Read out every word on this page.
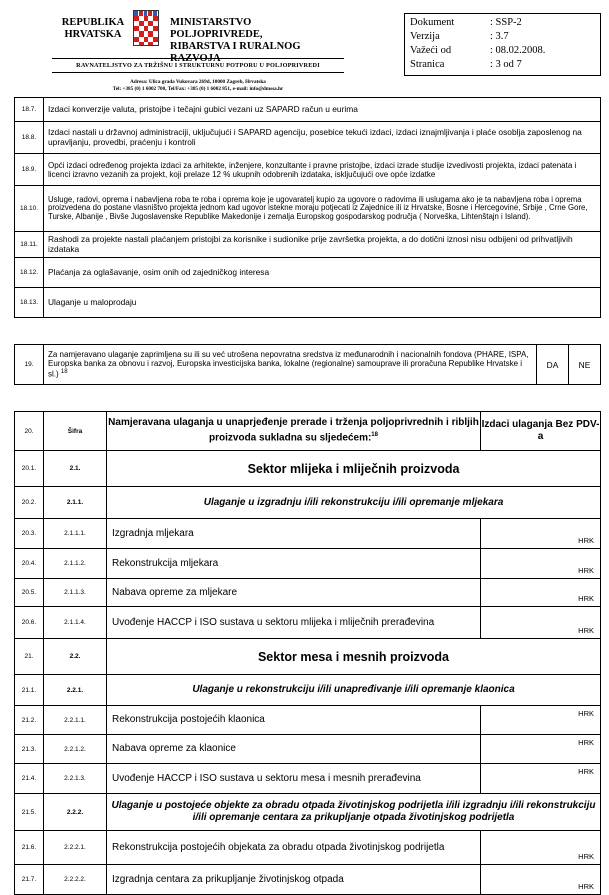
REPUBLIKA
HRVATSKA
MINISTARSTVO POLJOPRIVREDE,
RIBARSTVA I RURALNOG RAZVOJA
RAVNATELJSTVO ZA TRŽIŠNU I STRUKTURNU POTPORU U POLJOPRIVREDI
Adresa: Ulica grada Vukovara 269d, 10000 Zagreb, Hrvatska
Tel: +385 (0) 1 6002 700, Tel/Fax: +385 (0) 1 6002 851, e-mail: info@dmssa.hr
Dokument	: SSP-2
Verzija	: 3.7
Važeći od	: 08.02.2008.
Stranica	: 3 od 7
18.7.	Izdaci konverzije valuta, pristojbe i tečajni gubici vezani uz SAPARD račun u eurima
18.8.	Izdaci nastali u državnoj administraciji, uključujući i SAPARD agenciju, posebice tekući izdaci, izdaci iznajmljivanja i plaće osoblja zaposlenog na upravljanju, provedbi, praćenju i kontroli
18.9.	Opći izdaci određenog projekta izdaci za arhitekte, inženjere, konzultante i pravne pristojbe, izdaci izrade studije izvedivosti projekta, izdaci patenata i licenci izravno vezanih za projekt, koji prelaze 12 % ukupnih odobrenih izdataka, isključujući ove opće izdatke
18.10.	Usluge, radovi, oprema i nabavljena roba te roba i oprema koje je ugovaratelj kupio za ugovore o radovima ili uslugama ako je ta nabavljena roba i oprema proizvedena do postane vlasništvo projekta jednom kad ugovor istekne moraju potjecati iz Zajednice ili iz Hrvatske, Bosne i Hercegovine, Srbije , Crne Gore, Turske, Albanije , Bivše Jugoslavenske Republike Makedonije i zemalja Europskog gospodarskog područja ( Norveška, Lihtenštajn i Island).
18.11.	Rashodi za projekte nastali plaćanjem pristojbi za korisnike i sudionike prije završetka projekta, a do dotični iznosi nisu odbijeni od prihvatljivih izdataka
18.12.	Plaćanja za oglašavanje, osim onih od zajedničkog interesa
18.13.	Ulaganje u maloprodaju
19.	Za namjeravano ulaganje zaprimljena su ili su već utrošena nepovratna sredstva iz međunarodnih i nacionalnih fondova (PHARE, ISPA, Europska banka za obnovu i razvoj, Europska investicijska banka, lokalne (regionalne) samouprave ili proračuna Republike Hrvatske i sl.) $^{18}$	DA	NE
20.	Šifra	Namjeravana ulaganja u unaprjeđenje prerade i trženja poljoprivrednih i ribljih proizvoda sukladna su sljedećem:$^{18}$	Izdaci ulaganja Bez PDV-a
20.1.	2.1.	Sektor mlijeka i mliječnih proizvoda	
20.2.	2.1.1.	Ulaganje u izgradnju i/ili rekonstrukciju i/ili opremanje mljekara	
20.3.	2.1.1.1.	Izgradnja mljekara	HRK

20.4.	2.1.1.2.	Rekonstrukcija mljekara	HRK

20.5.	2.1.1.3.	Nabava opreme za mljekare	HRK

20.6.	2.1.1.4.	Uvođenje HACCP i ISO sustava u sektoru mlijeka i mliječnih prerađevina	HRK

21.	2.2.	Sektor mesa i mesnih proizvoda	
21.1.	2.2.1.	Ulaganje u rekonstrukciju i/ili unapređivanje i/ili opremanje klaonica	
21.2.	2.2.1.1.	Rekonstrukcija postojećih klaonica	HRK

21.3.	2.2.1.2.	Nabava opreme za klaonice	HRK

21.4.	2.2.1.3.	Uvođenje HACCP i ISO sustava u sektoru mesa i mesnih prerađevina	HRK

21.5.	2.2.2.	Ulaganje u postojeće objekte za obradu otpada životinjskog podrijetla i/ili izgradnju i/ili rekonstrukciju i/ili opremanje centara za prikupljanje otpada životinjskog podrijetla	
21.6.	2.2.2.1.	Rekonstrukcija postojećih objekata za obradu otpada životinjskog podrijetla	HRK

21.7.	2.2.2.2.	Izgradnja centara za prikupljanje životinjskog otpada	HRK
